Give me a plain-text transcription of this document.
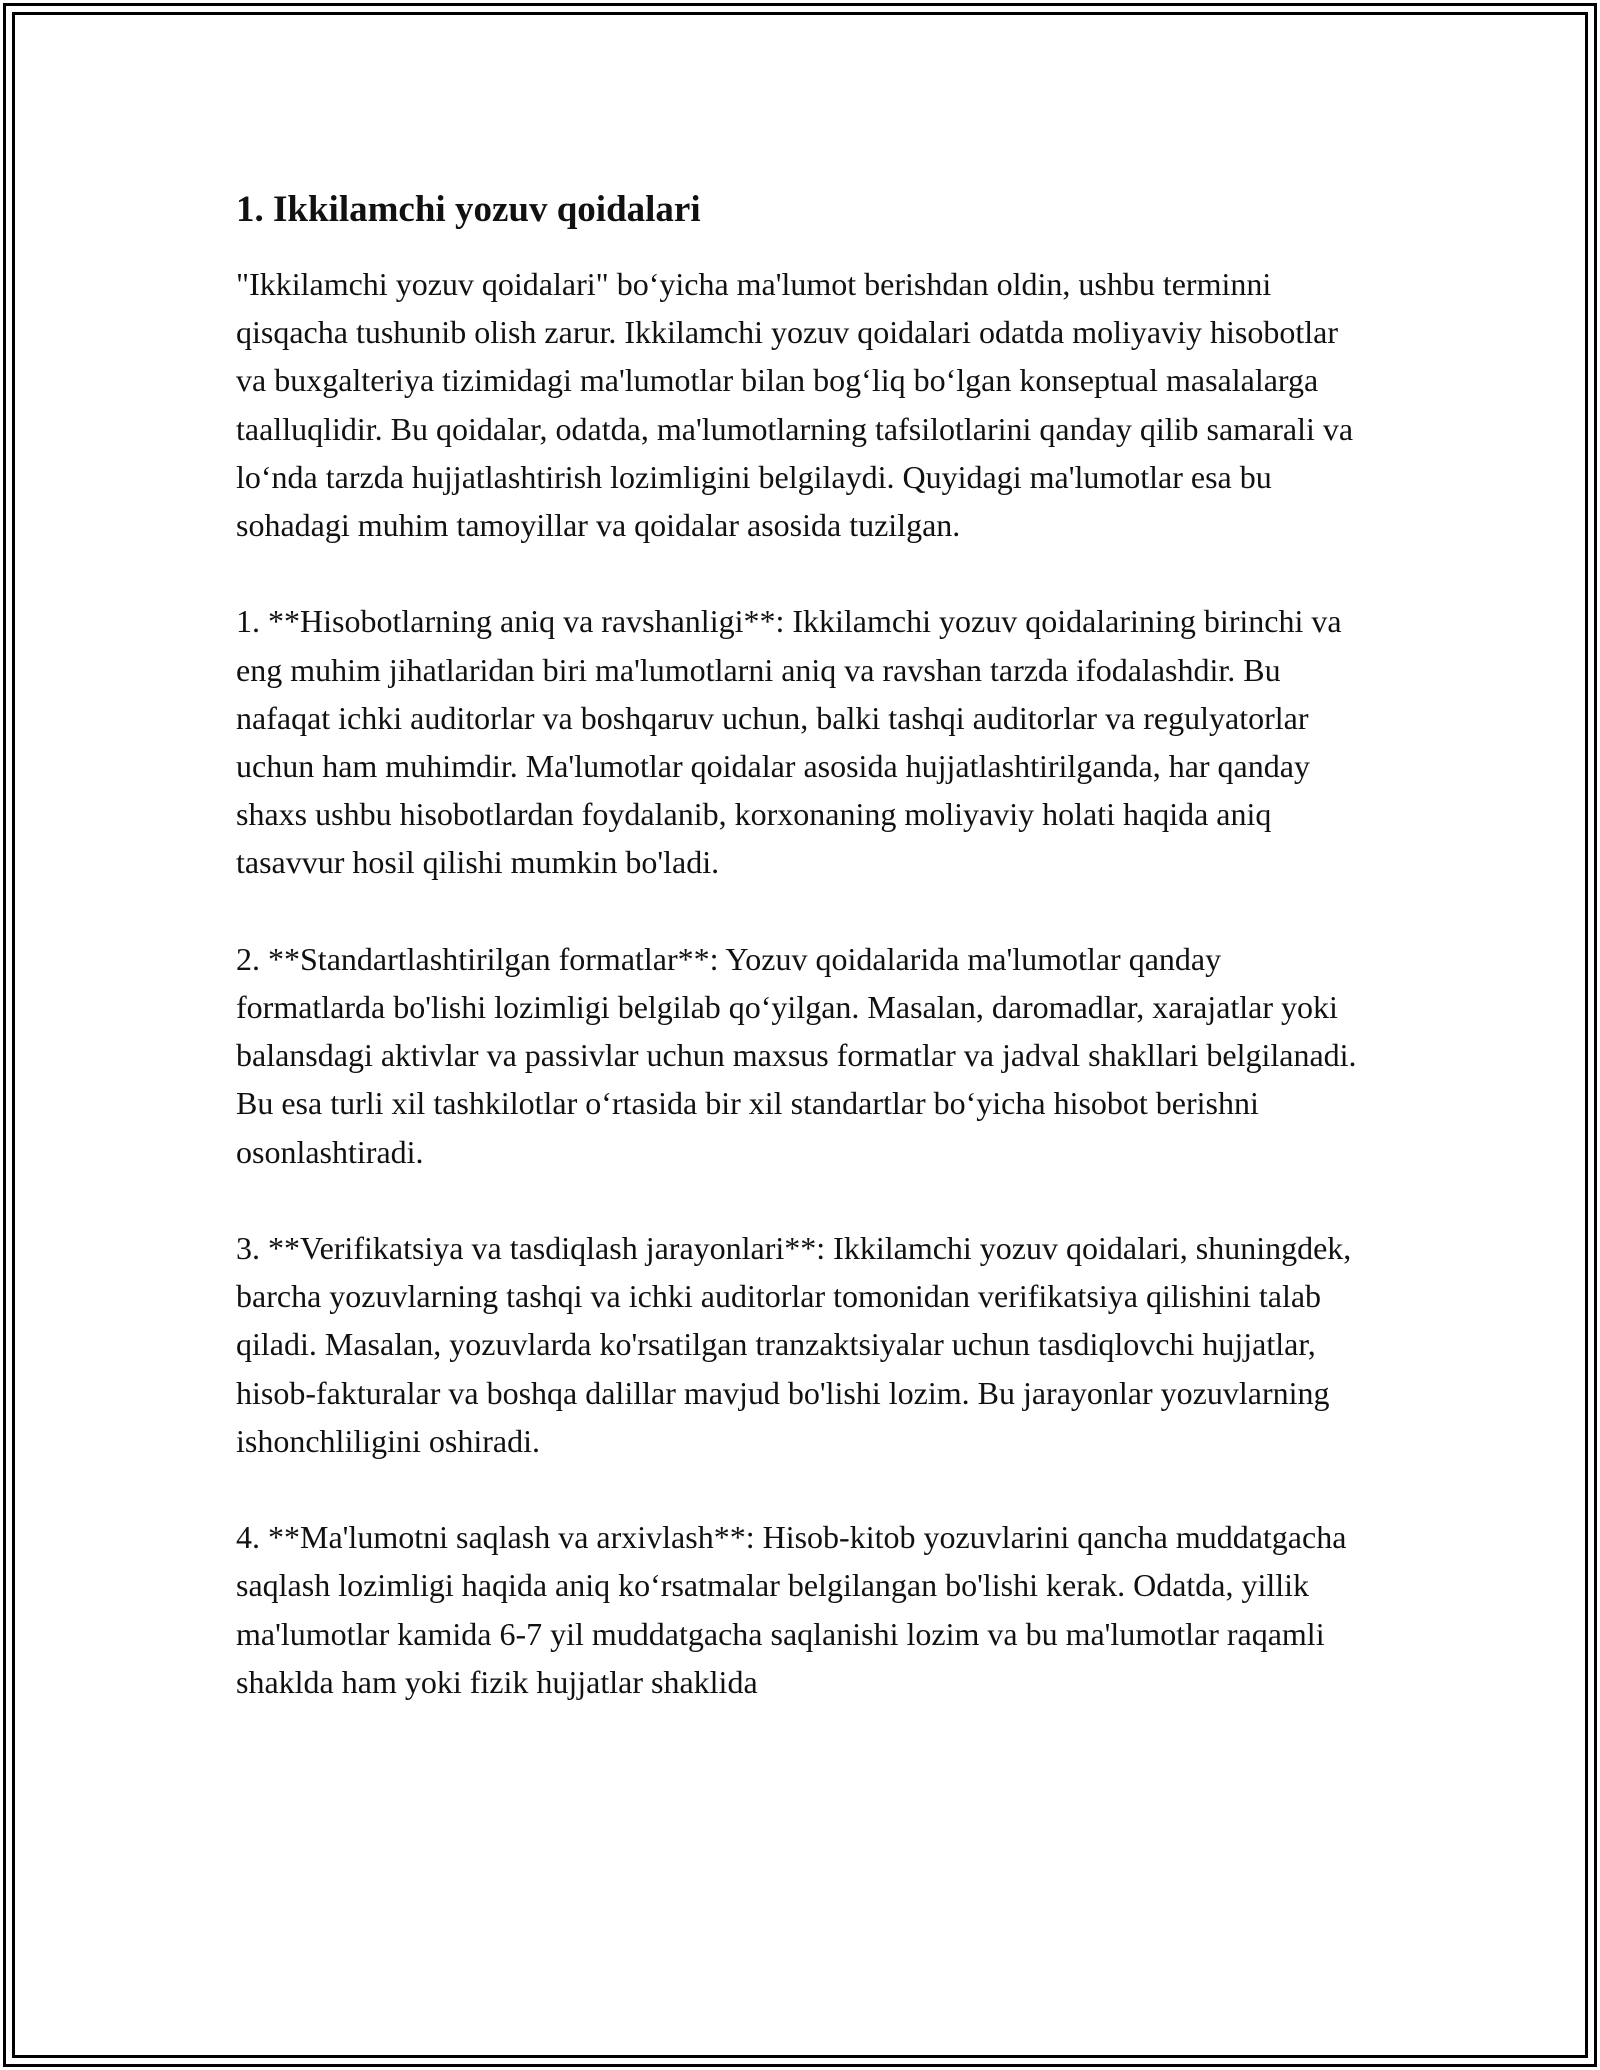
1. Ikkilamchi yozuv qoidalari

"Ikkilamchi yozuv qoidalari" bo‘yicha ma'lumot berishdan oldin, ushbu terminni qisqacha tushunib olish zarur. Ikkilamchi yozuv qoidalari odatda moliyaviy hisobotlar va buxgalteriya tizimidagi ma'lumotlar bilan bog‘liq bo‘lgan konseptual masalalarga taalluqlidir. Bu qoidalar, odatda, ma'lumotlarning tafsilotlarini qanday qilib samarali va lo‘nda tarzda hujjatlashtirish lozimligini belgilaydi. Quyidagi ma'lumotlar esa bu sohadagi muhim tamoyillar va qoidalar asosida tuzilgan.

1. **Hisobotlarning aniq va ravshanligi**: Ikkilamchi yozuv qoidalarining birinchi va eng muhim jihatlaridan biri ma'lumotlarni aniq va ravshan tarzda ifodalashdir. Bu nafaqat ichki auditorlar va boshqaruv uchun, balki tashqi auditorlar va regulyatorlar uchun ham muhimdir. Ma'lumotlar qoidalar asosida hujjatlashtirilganda, har qanday shaxs ushbu hisobotlardan foydalanib, korxonaning moliyaviy holati haqida aniq tasavvur hosil qilishi mumkin bo'ladi.

2. **Standartlashtirilgan formatlar**: Yozuv qoidalarida ma'lumotlar qanday formatlarda bo'lishi lozimligi belgilab qo‘yilgan. Masalan, daromadlar, xarajatlar yoki balansdagi aktivlar va passivlar uchun maxsus formatlar va jadval shakllari belgilanadi. Bu esa turli xil tashkilotlar o‘rtasida bir xil standartlar bo‘yicha hisobot berishni osonlashtiradi.

3. **Verifikatsiya va tasdiqlash jarayonlari**: Ikkilamchi yozuv qoidalari, shuningdek, barcha yozuvlarning tashqi va ichki auditorlar tomonidan verifikatsiya qilishini talab qiladi. Masalan, yozuvlarda ko'rsatilgan tranzaktsiyalar uchun tasdiqlovchi hujjatlar, hisob-fakturalar va boshqa dalillar mavjud bo'lishi lozim. Bu jarayonlar yozuvlarning ishonchliligini oshiradi.

4. **Ma'lumotni saqlash va arxivlash**: Hisob-kitob yozuvlarini qancha muddatgacha saqlash lozimligi haqida aniq ko‘rsatmalar belgilangan bo'lishi kerak. Odatda, yillik ma'lumotlar kamida 6-7 yil muddatgacha saqlanishi lozim va bu ma'lumotlar raqamli shaklda ham yoki fizik hujjatlar shaklida
